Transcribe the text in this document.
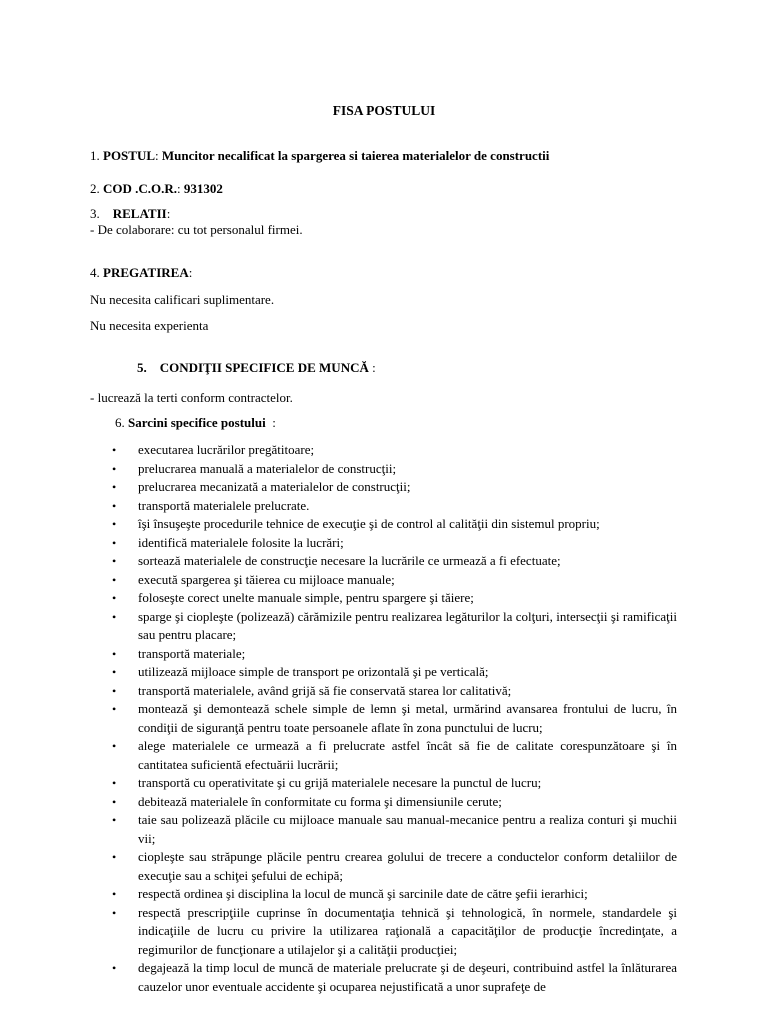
FISA POSTULUI
1. POSTUL: Muncitor necalificat la spargerea si taierea materialelor de constructii
2. COD .C.O.R.: 931302
3. RELATII:
- De colaborare: cu tot personalul firmei.
4. PREGATIREA:
Nu necesita calificari suplimentare.
Nu necesita experienta
5. CONDIŢII SPECIFICE DE MUNCĂ :
- lucrează la terti conform contractelor.
6. Sarcini specifice postului :
• executarea lucrărilor pregătitoare;
• prelucrarea manuală a materialelor de construcţii;
• prelucrarea mecanizată a materialelor de construcţii;
• transportă materialele prelucrate.
• îşi însuşeşte procedurile tehnice de execuţie şi de control al calităţii din sistemul propriu;
• identifică materialele folosite la lucrări;
• sortează materialele de construcţie necesare la lucrările ce urmează a fi efectuate;
• execută spargerea şi tăierea cu mijloace manuale;
• foloseşte corect unelte manuale simple, pentru spargere şi tăiere;
• sparge şi ciopleşte (polizează) cărămizile pentru realizarea legăturilor la colţuri, intersecţii şi ramificaţii sau pentru placare;
• transportă materiale;
• utilizează mijloace simple de transport pe orizontală şi pe verticală;
• transportă materialele, având grijă să fie conservată starea lor calitativă;
• montează şi demontează schele simple de lemn şi metal, urmărind avansarea frontului de lucru, în condiţii de siguranţă pentru toate persoanele aflate în zona punctului de lucru;
• alege materialele ce urmează a fi prelucrate astfel încât să fie de calitate corespunzătoare şi în cantitatea suficientă efectuării lucrării;
• transportă cu operativitate şi cu grijă materialele necesare la punctul de lucru;
• debitează materialele în conformitate cu forma şi dimensiunile cerute;
• taie sau polizează plăcile cu mijloace manuale sau manual-mecanice pentru a realiza conturi şi muchii vii;
• ciopleşte sau străpunge plăcile pentru crearea golului de trecere a conductelor conform detaliilor de execuţie sau a schiţei şefului de echipă;
• respectă ordinea şi disciplina la locul de muncă şi sarcinile date de către şefii ierarhici;
• respectă prescripţiile cuprinse în documentaţia tehnică şi tehnologică, în normele, standardele şi indicaţiile de lucru cu privire la utilizarea raţională a capacităţilor de producţie încredinţate, a regimurilor de funcţionare a utilajelor şi a calităţii producţiei;
• degajează la timp locul de muncă de materiale prelucrate şi de deşeuri, contribuind astfel la înlăturarea cauzelor unor eventuale accidente şi ocuparea nejustificată a unor suprafeţe de
